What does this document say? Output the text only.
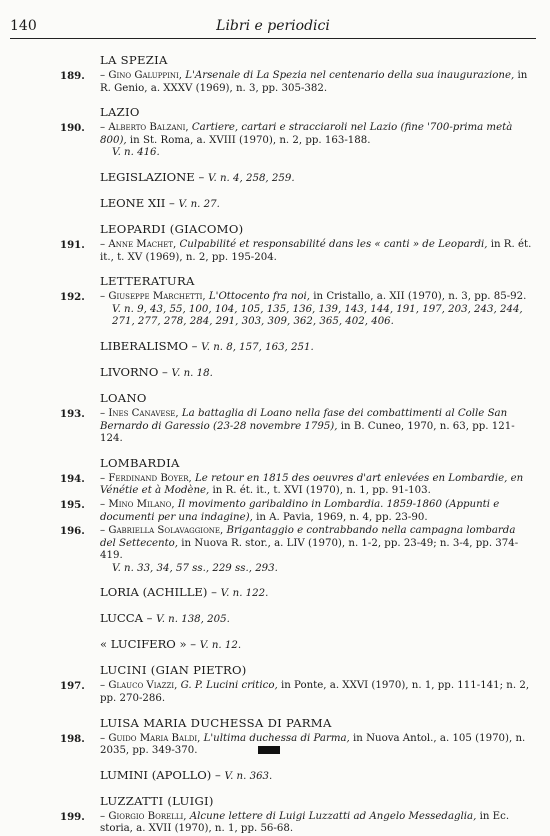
140	Libri e periodici
LA SPEZIA
189. – Gino Galuppini, L'Arsenale di La Spezia nel centenario della sua inaugurazione, in R. Genio, a. XXXV (1969), n. 3, pp. 305-382.
LAZIO
190. – Alberto Balzani, Cartiere, cartari e stracciaroli nel Lazio (fine '700-prima metà 800), in St. Roma, a. XVIII (1970), n. 2, pp. 163-188.
V. n. 416.
LEGISLAZIONE – V. n. 4, 258, 259.
LEONE XII – V. n. 27.
LEOPARDI (GIACOMO)
191. – Anne Machet, Culpabilité et responsabilité dans les « canti » de Leopardi, in R. ét. it., t. XV (1969), n. 2, pp. 195-204.
LETTERATURA
192. – Giuseppe Marchetti, L'Ottocento fra noi, in Cristallo, a. XII (1970), n. 3, pp. 85-92.
V. n. 9, 43, 55, 100, 104, 105, 135, 136, 139, 143, 144, 191, 197, 203, 243, 244, 271, 277, 278, 284, 291, 303, 309, 362, 365, 402, 406.
LIBERALISMO – V. n. 8, 157, 163, 251.
LIVORNO – V. n. 18.
LOANO
193. – Ines Canavese, La battaglia di Loano nella fase dei combattimenti al Colle San Bernardo di Garessio (23-28 novembre 1795), in B. Cuneo, 1970, n. 63, pp. 121-124.
LOMBARDIA
194. – Ferdinand Boyer, Le retour en 1815 des oeuvres d'art enlevées en Lombardie, en Vénétie et à Modène, in R. ét. it., t. XVI (1970), n. 1, pp. 91-103.
195. – Mino Milano, Il movimento garibaldino in Lombardia. 1859-1860 (Appunti e documenti per una indagine), in A. Pavia, 1969, n. 4, pp. 23-90.
196. – Gabriella Solavaggione, Brigantaggio e contrabbando nella campagna lombarda del Settecento, in Nuova R. stor., a. LIV (1970), n. 1-2, pp. 23-49; n. 3-4, pp. 374-419.
V. n. 33, 34, 57 ss., 229 ss., 293.
LORIA (ACHILLE) – V. n. 122.
LUCCA – V. n. 138, 205.
« LUCIFERO » – V. n. 12.
LUCINI (GIAN PIETRO)
197. – Glauco Viazzi, G. P. Lucini critico, in Ponte, a. XXVI (1970), n. 1, pp. 111-141; n. 2, pp. 270-286.
LUISA MARIA DUCHESSA DI PARMA
198. – Guido Maria Baldi, L'ultima duchessa di Parma, in Nuova Antol., a. 105 (1970), n. 2035, pp. 349-370.
LUMINI (APOLLO) – V. n. 363.
LUZZATTI (LUIGI)
199. – Giorgio Borelli, Alcune lettere di Luigi Luzzatti ad Angelo Messedaglia, in Ec. storia, a. XVII (1970), n. 1, pp. 56-68.
